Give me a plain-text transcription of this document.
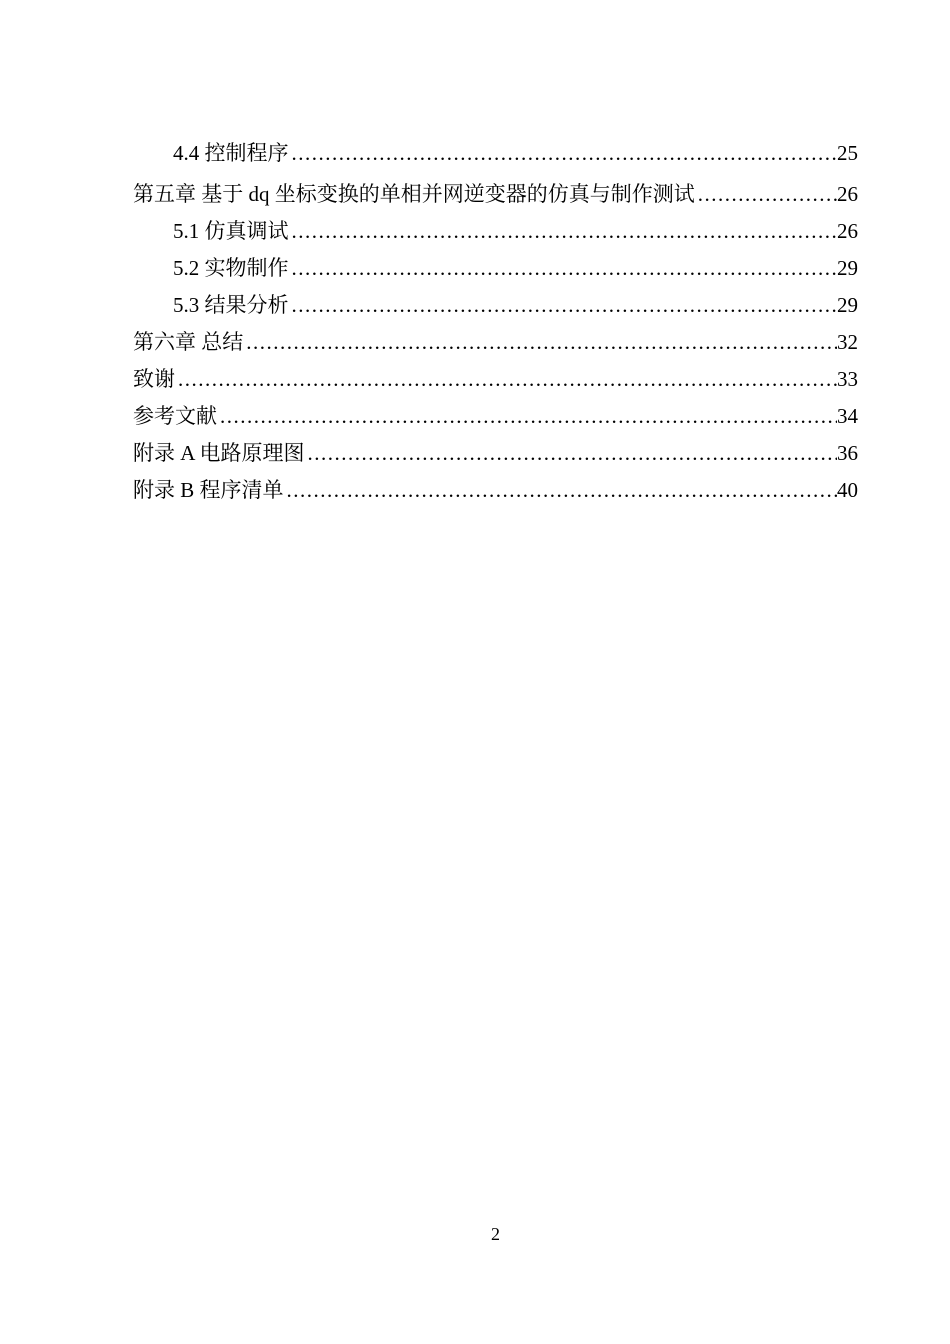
4.4 控制程序 .....	25
第五章 基于 dq 坐标变换的单相并网逆变器的仿真与制作测试 .....	26
5.1 仿真调试 .....	26
5.2 实物制作 .....	29
5.3 结果分析 .....	29
第六章 总结 .....	32
致谢 .....	33
参考文献 .....	34
附录 A 电路原理图 .....	36
附录 B 程序清单 .....	40
2
